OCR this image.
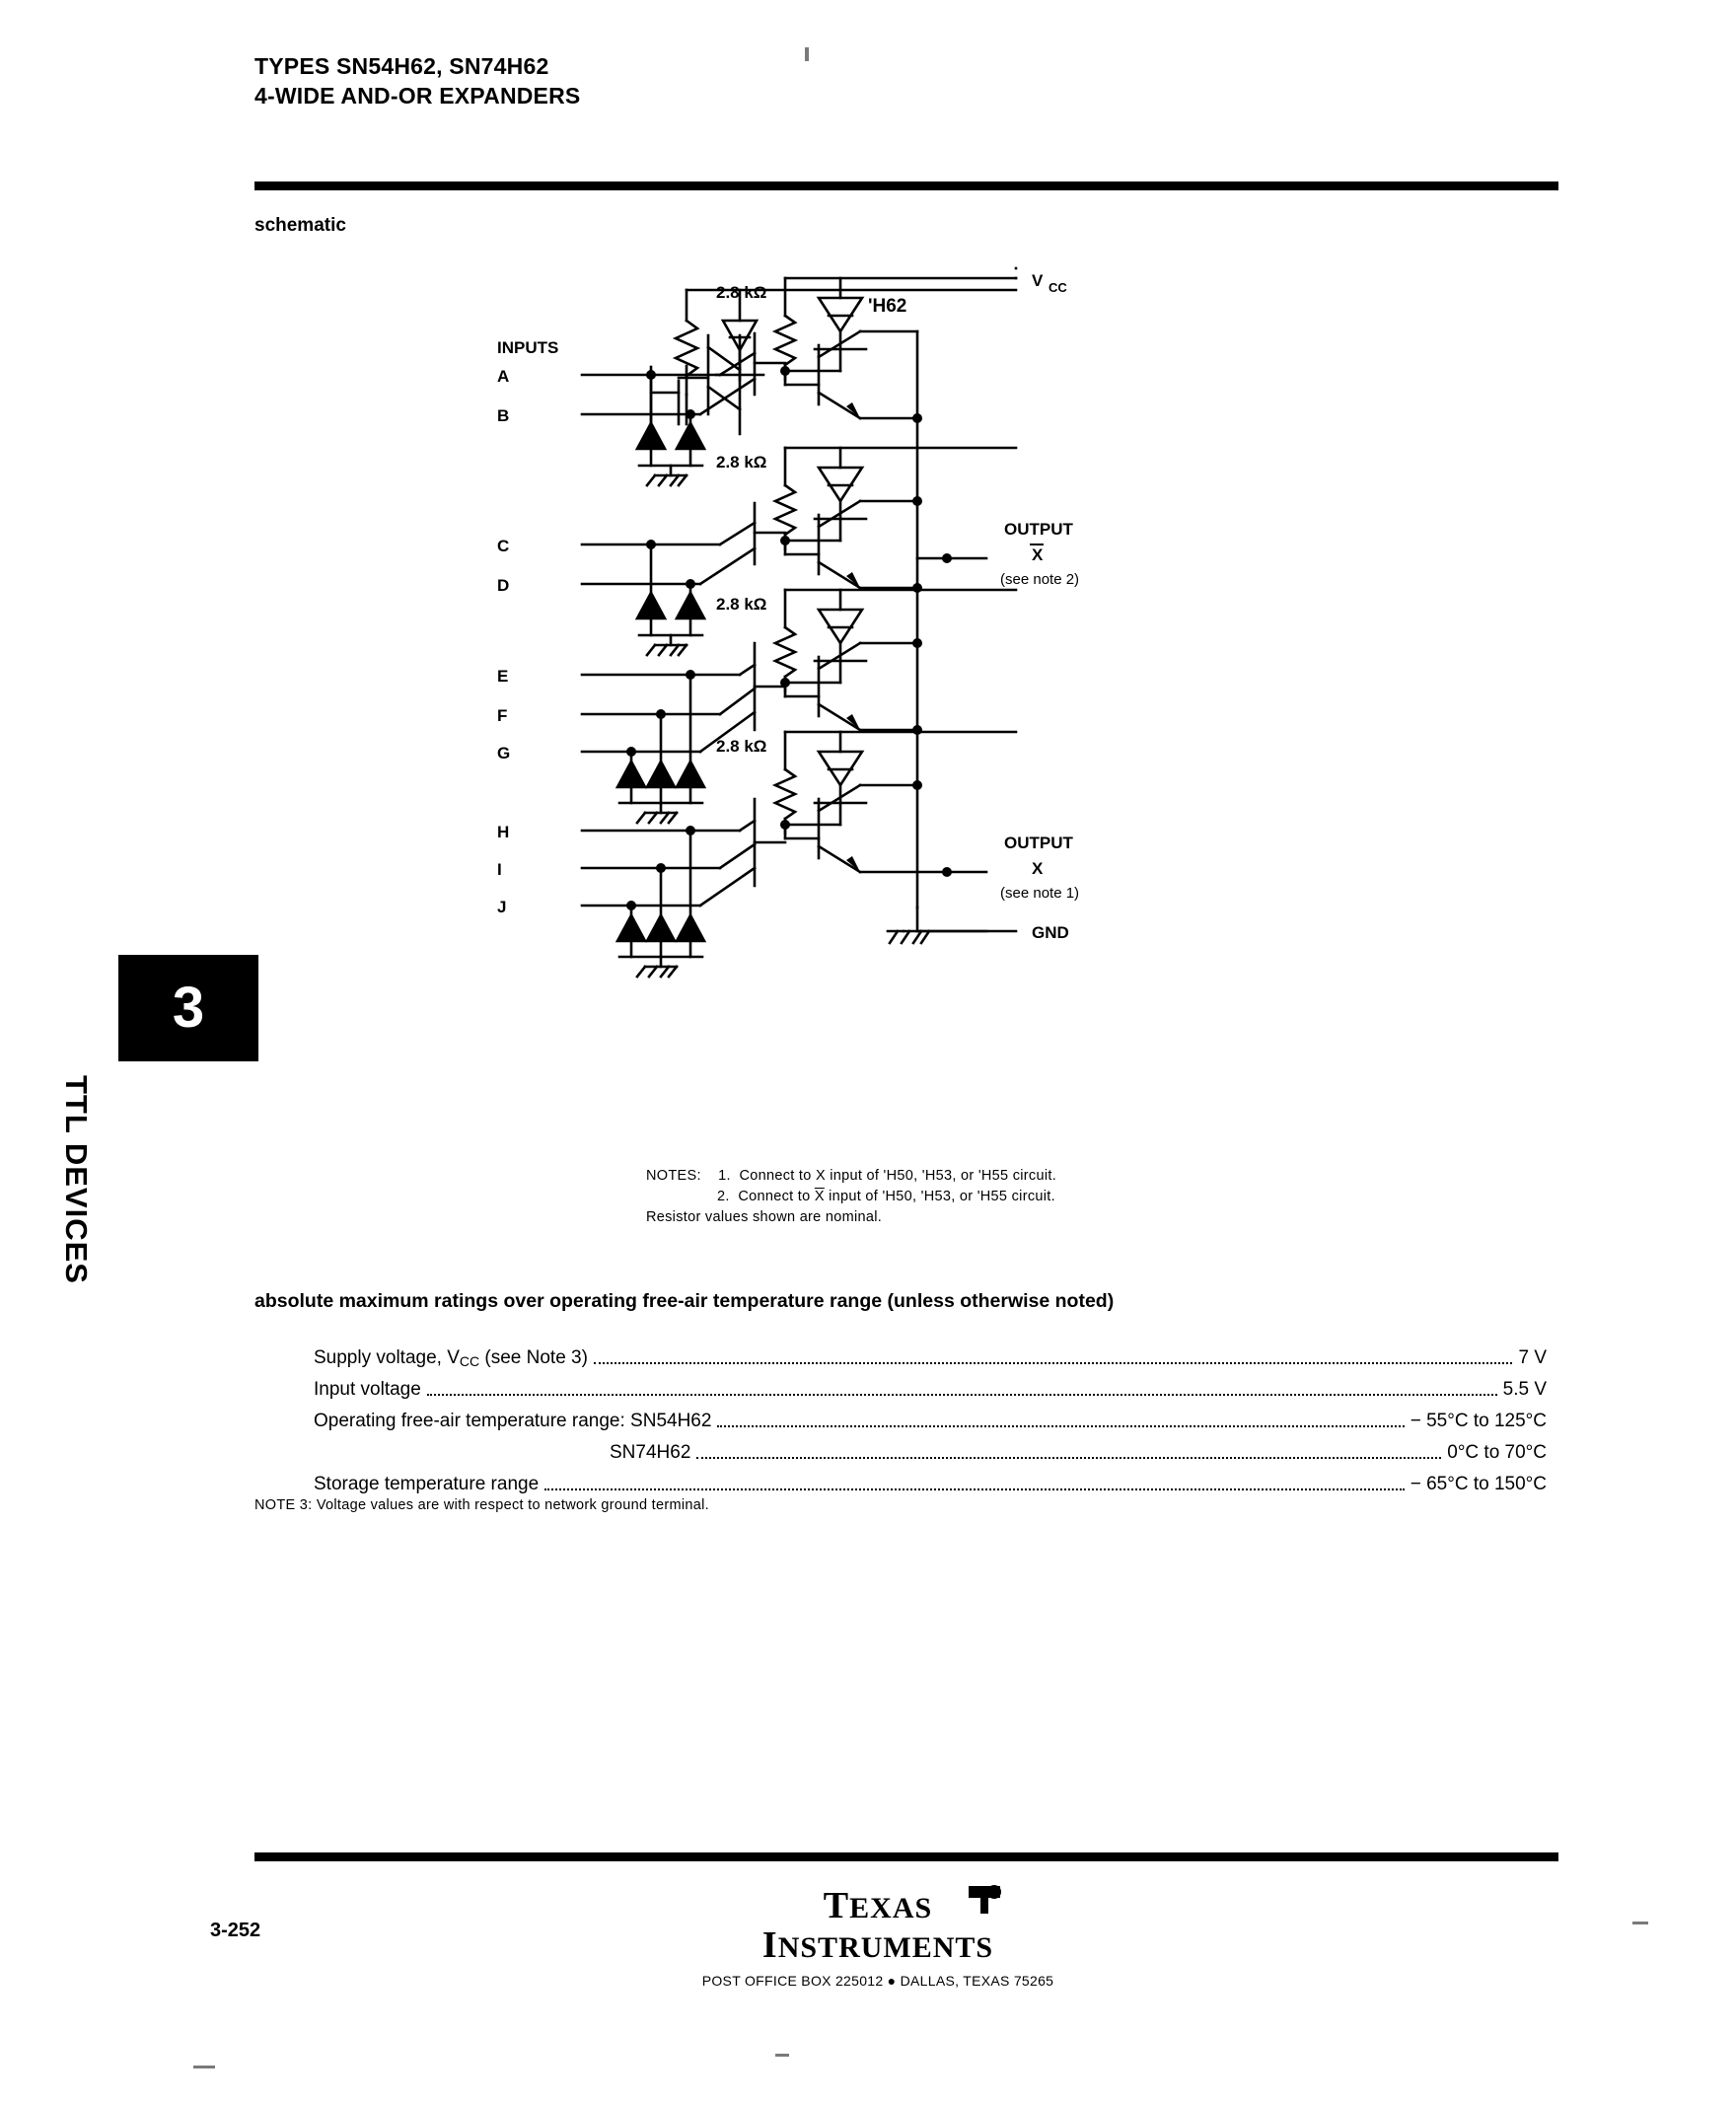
TYPES SN54H62, SN74H62
4-WIDE AND-OR EXPANDERS
schematic
3
TTL DEVICES
'H62
INPUTS
A
B
C
D
E
F
G
H
I
J
2.8 kΩ
2.8 kΩ
2.8 kΩ
2.8 kΩ
V CC
GND
OUTPUT
X
(see note 2)
OUTPUT
X
(see note 1)
NOTES: 1. Connect to X input of 'H50, 'H53, or 'H55 circuit.
2. Connect to $\overline{X}$ input of 'H50, 'H53, or 'H55 circuit.
Resistor values shown are nominal.
absolute maximum ratings over operating free-air temperature range (unless otherwise noted)
Supply voltage, $V_{CC}$ (see Note 3)	7 V
Input voltage	5.5 V
Operating free-air temperature range: SN54H62	− 55°C to 125°C
SN74H62	0°C to 70°C
Storage temperature range	− 65°C to 150°C
NOTE 3: Voltage values are with respect to network ground terminal.
3-252
TEXAS
INSTRUMENTS
POST OFFICE BOX 225012 ● DALLAS, TEXAS 75265
